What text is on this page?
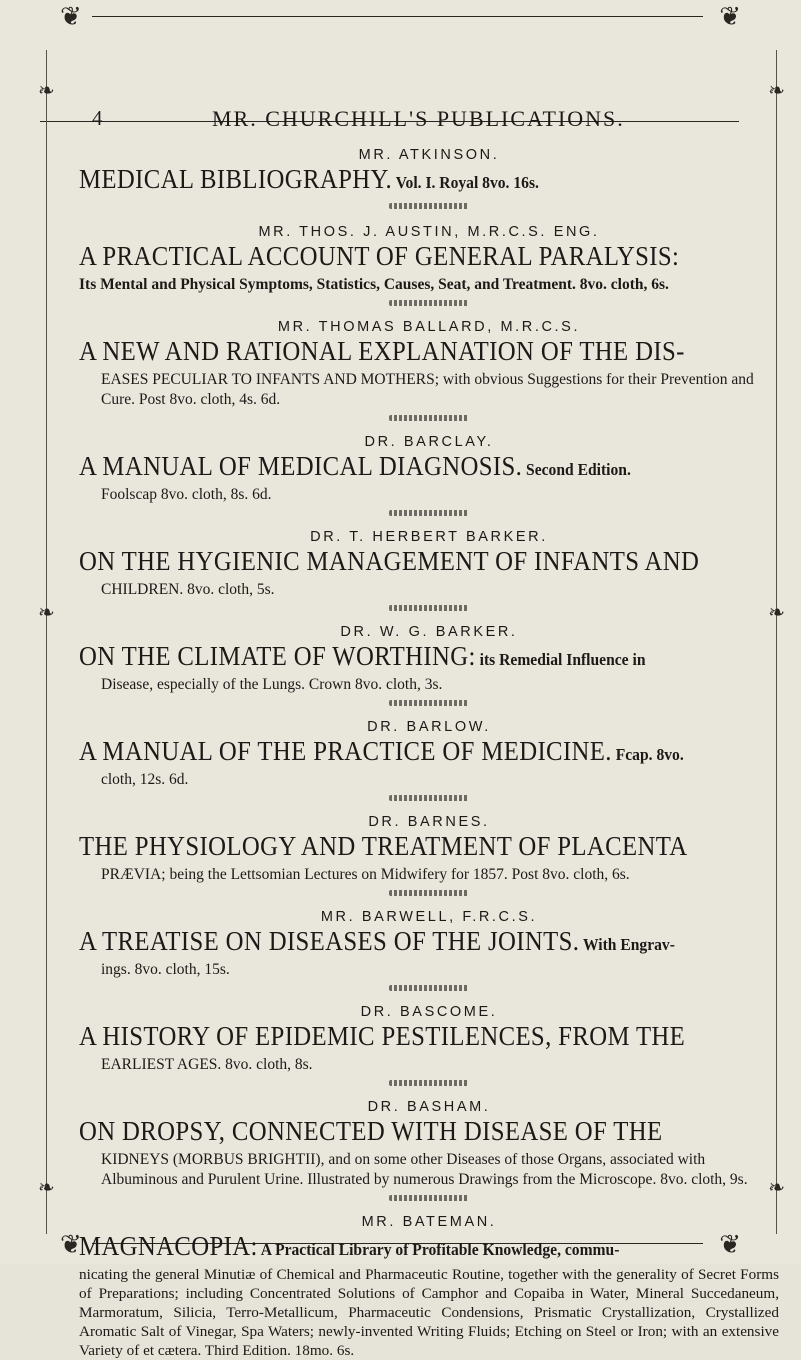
❦	❦
❦	❦
❧
❧
❧
❧
❧
❧
4	MR. CHURCHILL'S PUBLICATIONS.
MR. ATKINSON.
MEDICAL BIBLIOGRAPHY. Vol. I. Royal 8vo. 16s.
MR. THOS. J. AUSTIN, M.R.C.S. ENG.
A PRACTICAL ACCOUNT OF GENERAL PARALYSIS:
Its Mental and Physical Symptoms, Statistics, Causes, Seat, and Treatment. 8vo. cloth, 6s.
MR. THOMAS BALLARD, M.R.C.S.
A NEW AND RATIONAL EXPLANATION OF THE DIS-
EASES PECULIAR TO INFANTS AND MOTHERS; with obvious Suggestions for their Prevention and Cure. Post 8vo. cloth, 4s. 6d.
DR. BARCLAY.
A MANUAL OF MEDICAL DIAGNOSIS. Second Edition.
Foolscap 8vo. cloth, 8s. 6d.
DR. T. HERBERT BARKER.
ON THE HYGIENIC MANAGEMENT OF INFANTS AND
CHILDREN. 8vo. cloth, 5s.
DR. W. G. BARKER.
ON THE CLIMATE OF WORTHING: its Remedial Influence in
Disease, especially of the Lungs. Crown 8vo. cloth, 3s.
DR. BARLOW.
A MANUAL OF THE PRACTICE OF MEDICINE. Fcap. 8vo.
cloth, 12s. 6d.
DR. BARNES.
THE PHYSIOLOGY AND TREATMENT OF PLACENTA
PRÆVIA; being the Lettsomian Lectures on Midwifery for 1857. Post 8vo. cloth, 6s.
MR. BARWELL, F.R.C.S.
A TREATISE ON DISEASES OF THE JOINTS. With Engrav-
ings. 8vo. cloth, 15s.
DR. BASCOME.
A HISTORY OF EPIDEMIC PESTILENCES, FROM THE
EARLIEST AGES. 8vo. cloth, 8s.
DR. BASHAM.
ON DROPSY, CONNECTED WITH DISEASE OF THE
KIDNEYS (MORBUS BRIGHTII), and on some other Diseases of those Organs, associated with Albuminous and Purulent Urine. Illustrated by numerous Drawings from the Microscope. 8vo. cloth, 9s.
MR. BATEMAN.
MAGNACOPIA: A Practical Library of Profitable Knowledge, commu-
nicating the general Minutiæ of Chemical and Pharmaceutic Routine, together with the generality of Secret Forms of Preparations; including Concentrated Solutions of Camphor and Copaiba in Water, Mineral Succedaneum, Marmoratum, Silicia, Terro-Metallicum, Pharmaceutic Condensions, Prismatic Crystallization, Crystallized Aromatic Salt of Vinegar, Spa Waters; newly-invented Writing Fluids; Etching on Steel or Iron; with an extensive Variety of et cætera. Third Edition. 18mo. 6s.
